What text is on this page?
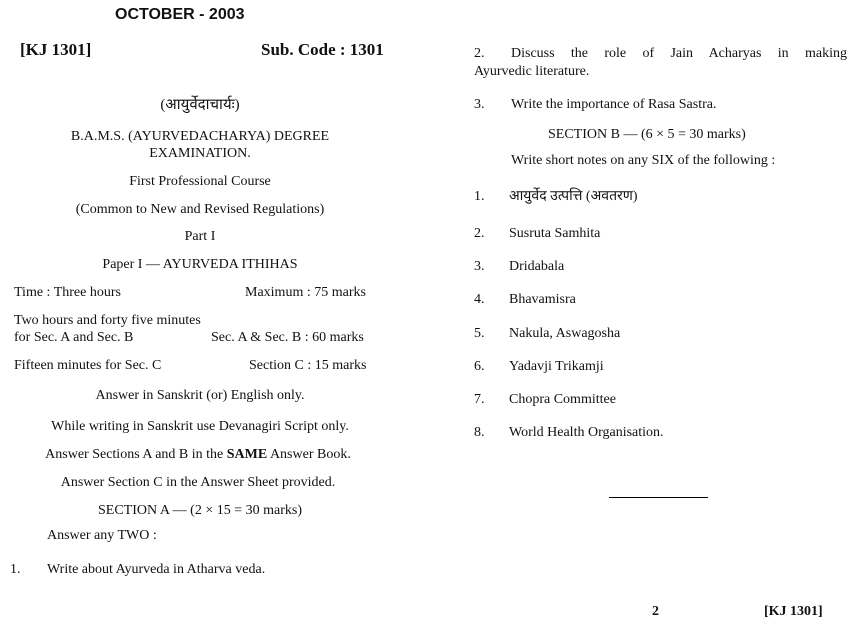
OCTOBER - 2003
[KJ 1301]	Sub. Code : 1301
(आयुर्वेदाचार्यः)
B.A.M.S. (AYURVEDACHARYA) DEGREE
EXAMINATION.
First Professional Course
(Common to New and Revised Regulations)
Part I
Paper I — AYURVEDA ITHIHAS
Time : Three hours	Maximum : 75 marks
Two hours and forty five minutes
for Sec. A and Sec. B	Sec. A & Sec. B : 60 marks
Fifteen minutes for Sec. C	Section C : 15 marks
Answer in Sanskrit (or) English only.
While writing in Sanskrit use Devanagiri Script only.
Answer Sections A and B in the SAME Answer Book.
Answer Section C in the Answer Sheet provided.
SECTION A — (2 × 15 = 30 marks)
Answer any TWO :
1.	Write about Ayurveda in Atharva veda.
2.	Discuss the role of Jain Acharyas in making
Ayurvedic literature.
3.	Write the importance of Rasa Sastra.
SECTION B — (6 × 5 = 30 marks)
Write short notes on any SIX of the following :
1.	आयुर्वेद उत्पत्ति (अवतरण)
2.	Susruta Samhita
3.	Dridabala
4.	Bhavamisra
5.	Nakula, Aswagosha
6.	Yadavji Trikamji
7.	Chopra Committee
8.	World Health Organisation.
2	[KJ 1301]
